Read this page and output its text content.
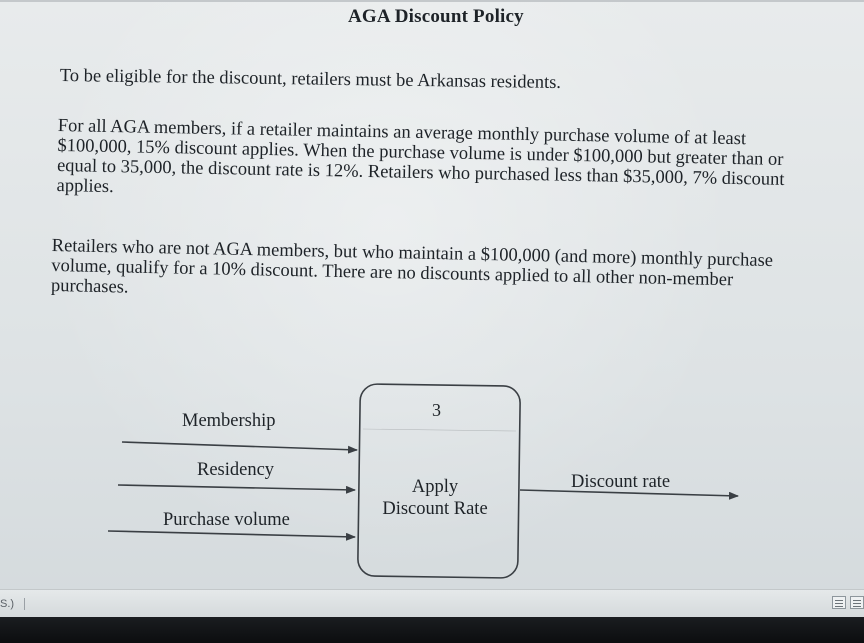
AGA Discount Policy

To be eligible for the discount, retailers must be Arkansas residents.

For all AGA members, if a retailer maintains an average monthly purchase volume of at least $100,000, 15% discount applies. When the purchase volume is under $100,000 but greater than or equal to 35,000, the discount rate is 12%. Retailers who purchased less than $35,000, 7% discount applies.

Retailers who are not AGA members, but who maintain a $100,000 (and more) monthly purchase volume, qualify for a 10% discount. There are no discounts applied to all other non-member purchases.

Membership
Residency
Purchase volume
3
Apply
Discount Rate
Discount rate
S.)
